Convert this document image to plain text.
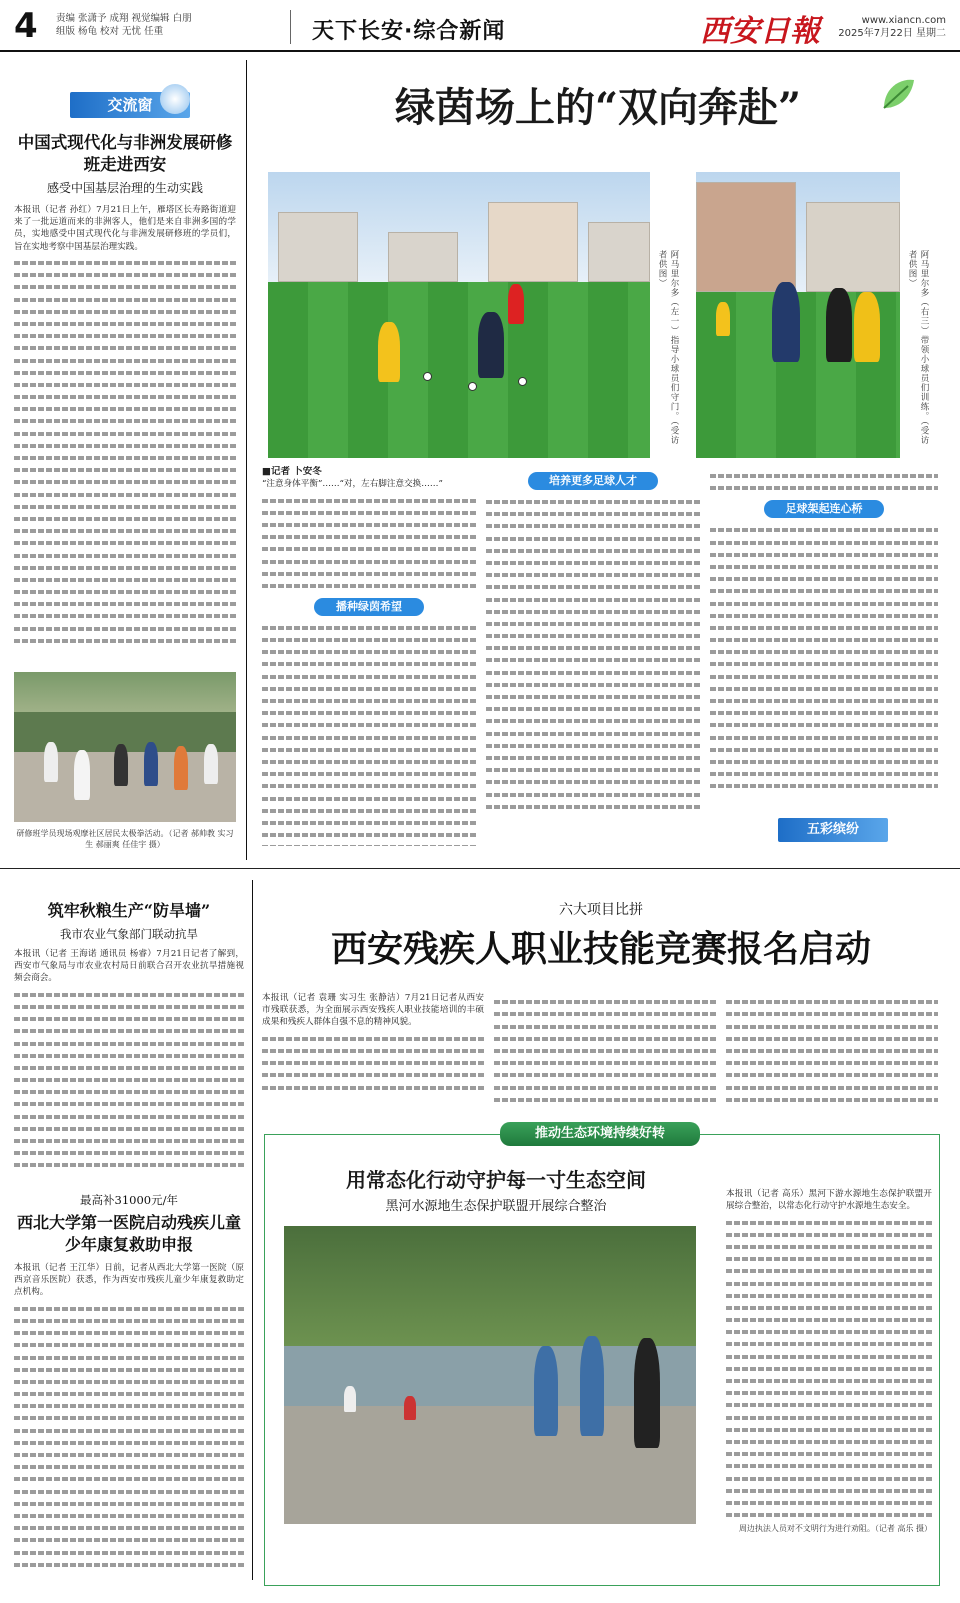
4 责编 张潇予 成翔 视觉编辑 白朋
组版 杨龟 校对 无忧 任重	天下长安·综合新闻	西安日報	www.xiancn.com
2025年7月22日 星期二
交流窗
中国式现代化与非洲发展研修班走进西安
感受中国基层治理的生动实践

本报讯（记者 孙红）7月21日上午，雁塔区长寿路街道迎来了一批远道而来的非洲客人，他们是来自非洲多国的学员，实地感受中国式现代化与非洲发展研修班的学员们，旨在实地考察中国基层治理实践。

研修班学员现场观摩社区居民太极拳活动。（记者 郝帅教 实习生 郝丽爽 任佳宇 摄）
绿茵场上的“双向奔赴”
阿马里尔多（左一）指导小球员们守门。（受访者供图）	阿马里尔多（右三）带领小球员们训练。（受访者供图）

■记者 卜安冬

“注意身体平衡”……“对，左右脚注意交换……”

播种绿茵希望
培养更多足球人才
足球架起连心桥
五彩缤纷
筑牢秋粮生产“防旱墙”
我市农业气象部门联动抗旱

本报讯（记者 王海诺 通讯员 杨睿）7月21日记者了解到，西安市气象局与市农业农村局日前联合召开农业抗旱措施视频会商会。

最高补31000元/年
西北大学第一医院启动残疾儿童少年康复救助申报

本报讯（记者 王江华）日前，记者从西北大学第一医院（原西京音乐医院）获悉，作为西安市残疾儿童少年康复救助定点机构。

六大项目比拼
西安残疾人职业技能竞赛报名启动

本报讯（记者 袁珊 实习生 张静洁）7月21日记者从西安市残联获悉，为全面展示西安残疾人职业技能培训的丰硕成果和残疾人群体自强不息的精神风貌。

推动生态环境持续好转
用常态化行动守护每一寸生态空间
黑河水源地生态保护联盟开展综合整治

本报讯（记者 高乐）黑河下游水源地生态保护联盟开展综合整治，以常态化行动守护水源地生态安全。

周边执法人员对不文明行为进行劝阻。（记者 高乐 摄）
